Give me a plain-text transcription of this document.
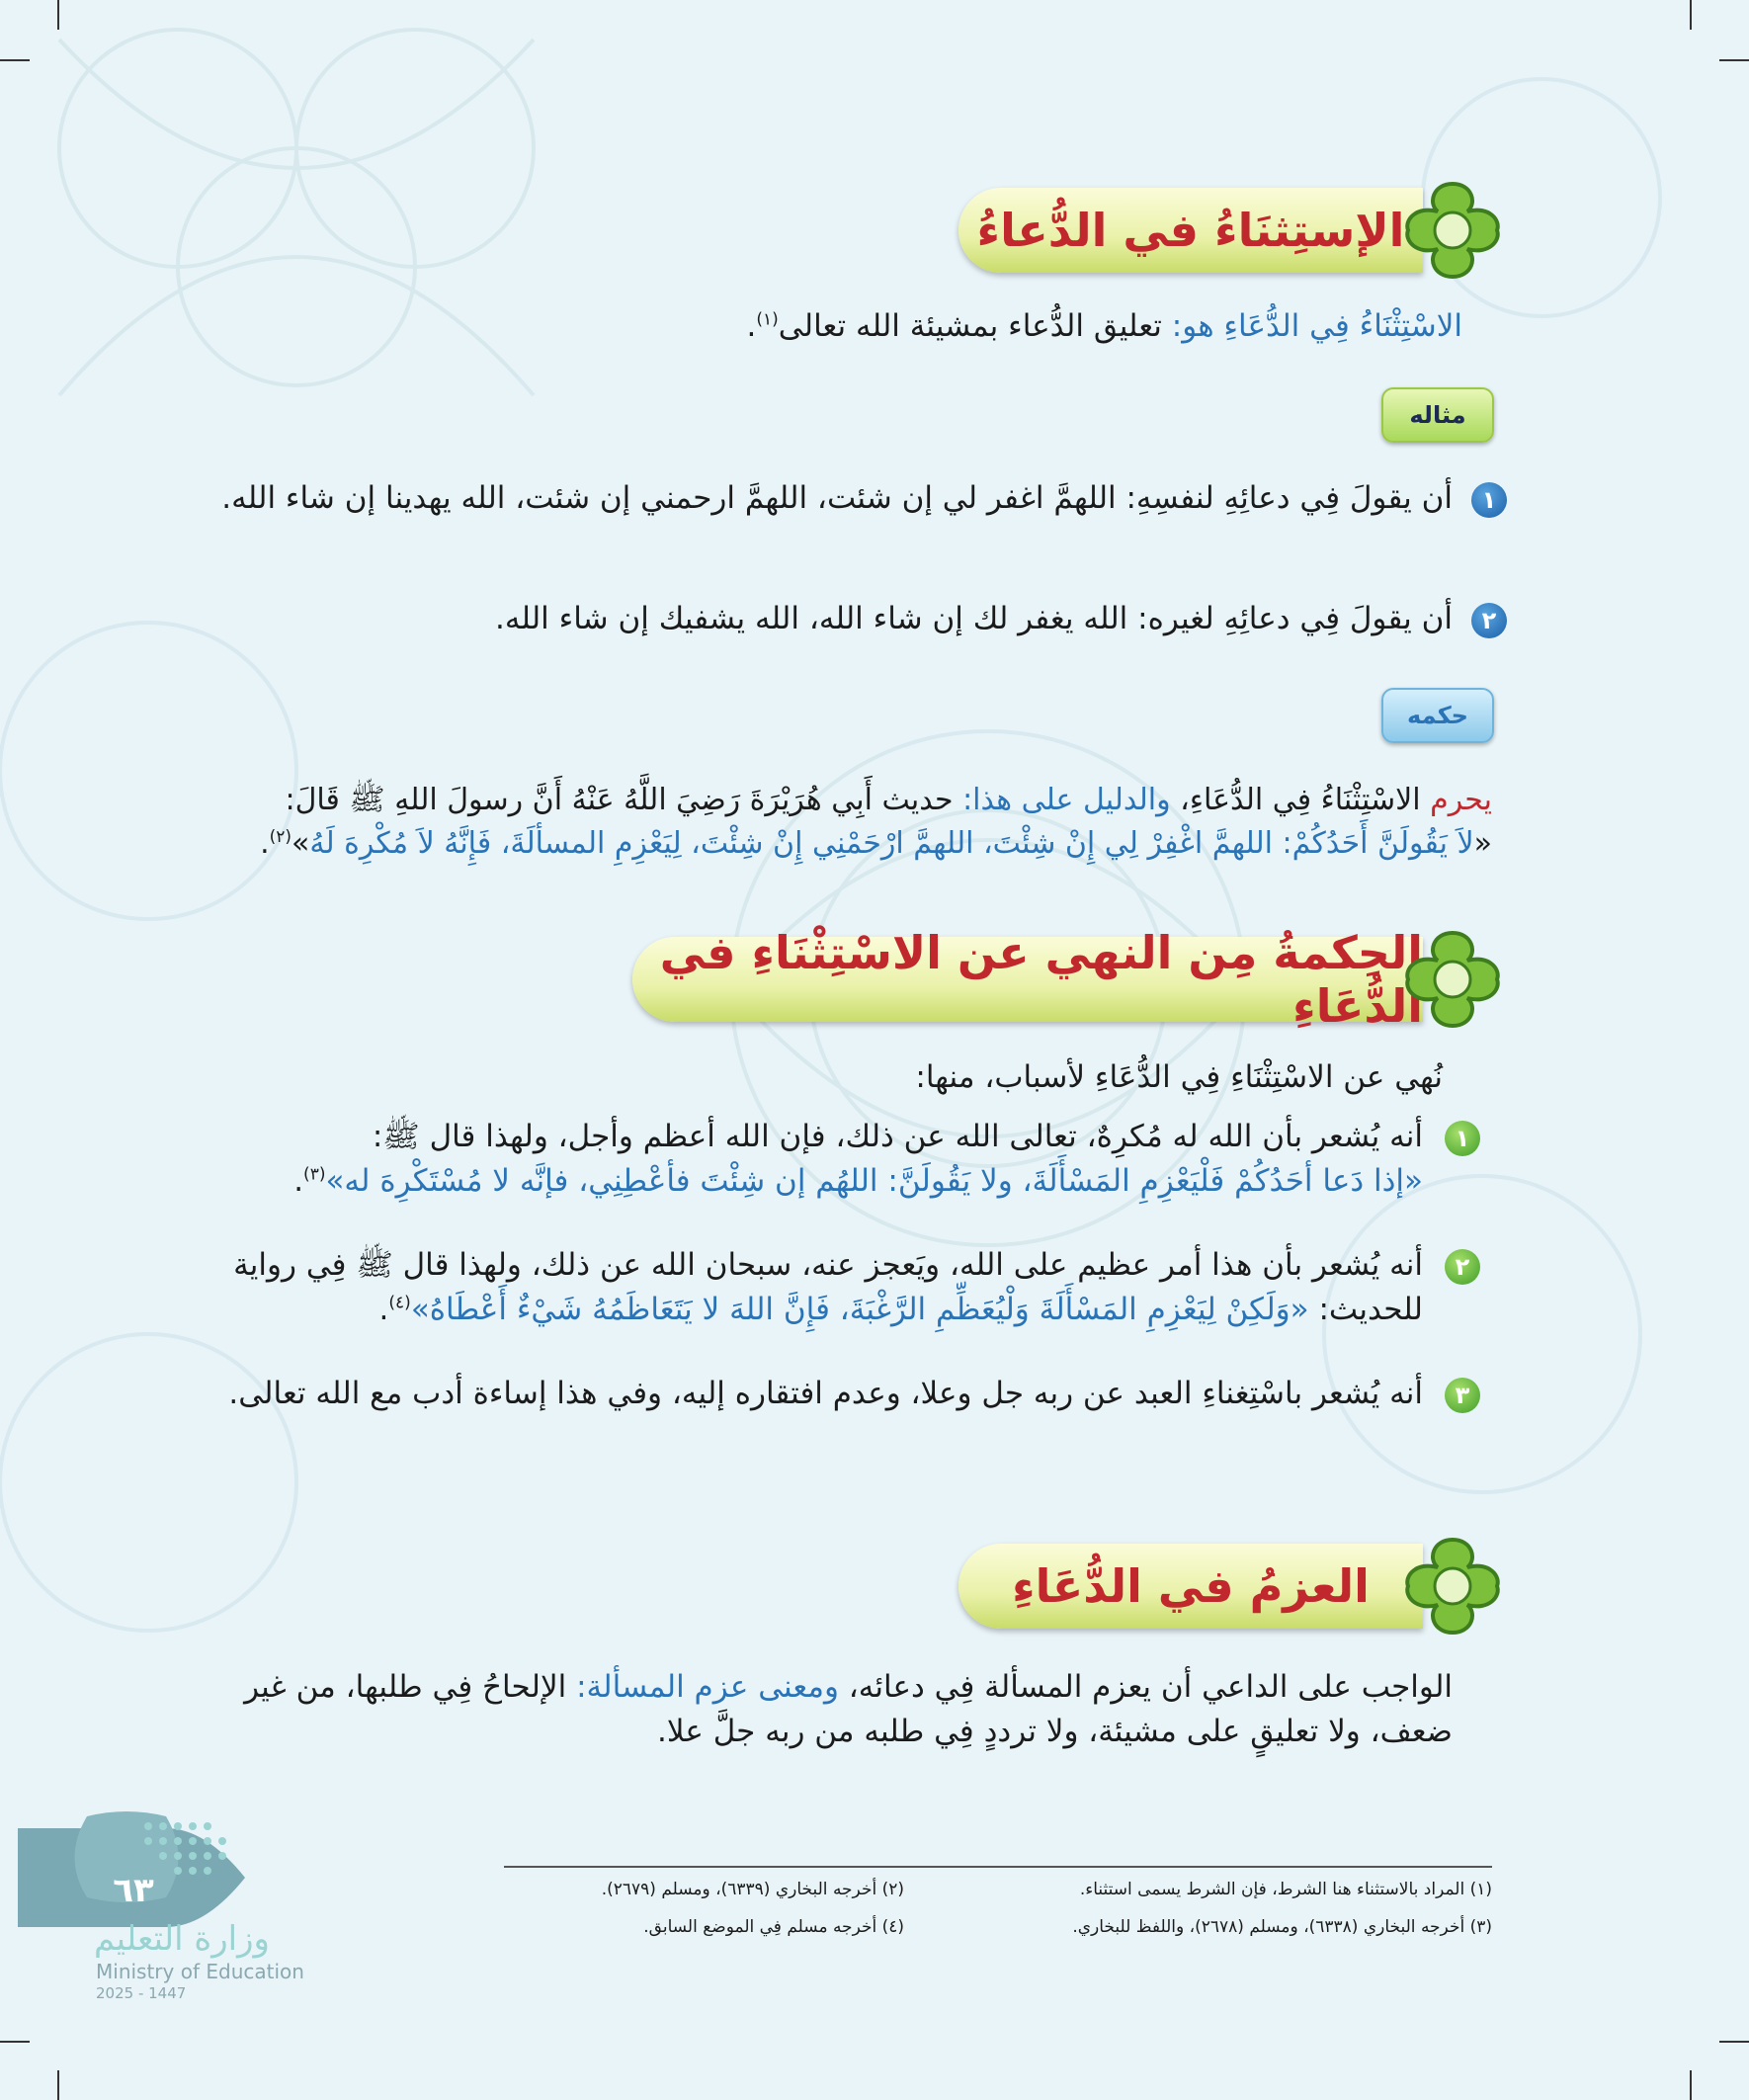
الإستِثنَاءُ في الدُّعاءُ
الاسْتِثْنَاءُ فِي الدُّعَاءِ هو: تعليق الدُّعاء بمشيئة الله تعالى$^{(١)}$.
مثاله
١
أن يقولَ فِي دعائِهِ لنفسِهِ: اللهمَّ اغفر لي إن شئت، اللهمَّ ارحمني إن شئت، الله يهدينا إن شاء الله.
٢
أن يقولَ فِي دعائِهِ لغيره: الله يغفر لك إن شاء الله، الله يشفيك إن شاء الله.
حكمه
يحرم الاسْتِثْنَاءُ فِي الدُّعَاءِ، والدليل على هذا: حديث أَبِي هُرَيْرَةَ رَضِيَ اللَّهُ عَنْهُ أَنَّ رسولَ اللهِ ﷺ قَالَ:
«لاَ يَقُولَنَّ أَحَدُكُمْ: اللهمَّ اغْفِرْ لِي إِنْ شِئْتَ، اللهمَّ ارْحَمْنِي إِنْ شِئْتَ، لِيَعْزِمِ المسألَةَ، فَإِنَّهُ لاَ مُكْرِهَ لَهُ»$^{(٢)}$.
الحِكمةُ مِن النهي عن الاسْتِثْنَاءِ في الدُّعَاءِ
نُهي عن الاسْتِثْنَاءِ فِي الدُّعَاءِ لأسباب، منها:
١
أنه يُشعر بأن الله له مُكرِهٌ، تعالى الله عن ذلك، فإن الله أعظم وأجل، ولهذا قال ﷺ:
«إذا دَعا أحَدُكُمْ فَلْيَعْزِمِ المَسْأَلَةَ، ولا يَقُولَنَّ: اللهُم إن شِئْتَ فأعْطِنِي، فإنَّه لا مُسْتَكْرِهَ له»$^{(٣)}$.
٢
أنه يُشعر بأن هذا أمر عظيم على الله، ويَعجز عنه، سبحان الله عن ذلك، ولهذا قال ﷺ فِي رواية للحديث: «وَلَكِنْ لِيَعْزِمِ المَسْأَلَةَ وَلْيُعَظِّمِ الرَّغْبَةَ، فَإِنَّ اللهَ لا يَتَعَاظَمُهُ شَيْءٌ أَعْطَاهُ»$^{(٤)}$.
٣
أنه يُشعر باسْتِغناءِ العبد عن ربه جل وعلا، وعدم افتقاره إليه، وفي هذا إساءة أدب مع الله تعالى.
العزمُ في الدُّعَاءِ
الواجب على الداعي أن يعزم المسألة فِي دعائه، ومعنى عزم المسألة: الإلحاحُ فِي طلبها، من غير ضعف، ولا تعليقٍ على مشيئة، ولا ترددٍ فِي طلبه من ربه جلَّ علا.
(١) المراد بالاستثناء هنا الشرط، فإن الشرط يسمى استثناء.
(٢) أخرجه البخاري (٦٣٣٩)، ومسلم (٢٦٧٩).
(٣) أخرجه البخاري (٦٣٣٨)، ومسلم (٢٦٧٨)، واللفظ للبخاري.
(٤) أخرجه مسلم فِي الموضع السابق.
٦٣
وزارة التعليم
Ministry of Education
2025 - 1447
